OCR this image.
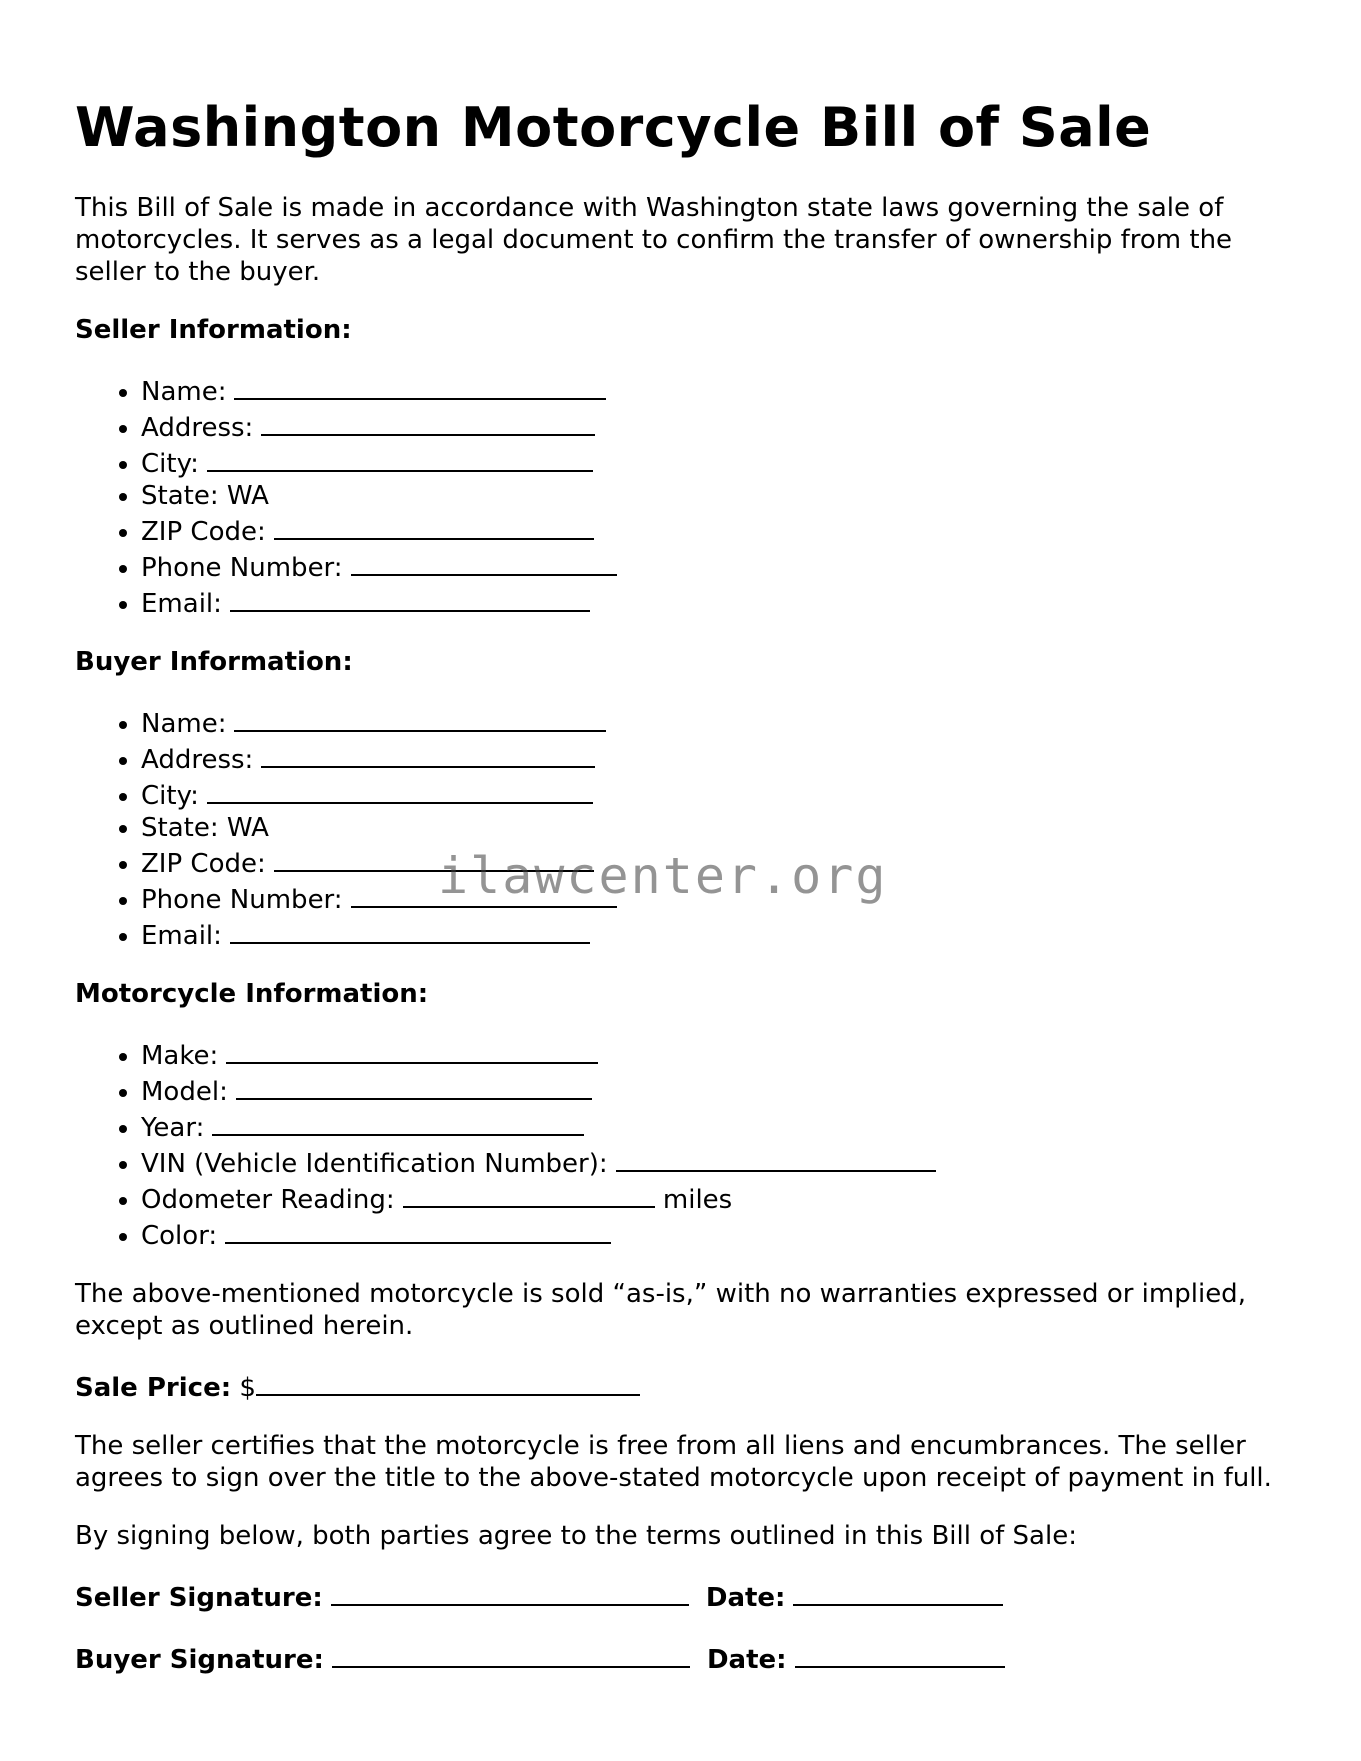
Washington Motorcycle Bill of Sale

This Bill of Sale is made in accordance with Washington state laws governing the sale of motorcycles. It serves as a legal document to confirm the transfer of ownership from the seller to the buyer.

Seller Information:
• Name:
• Address:
• City:
• State: WA
• ZIP Code:
• Phone Number:
• Email:
Buyer Information:
• Name:
• Address:
• City:
• State: WA
• ZIP Code:
• Phone Number:
• Email:
Motorcycle Information:
• Make:
• Model:
• Year:
• VIN (Vehicle Identification Number):
• Odometer Reading:	miles
• Color:

The above-mentioned motorcycle is sold “as-is,” with no warranties expressed or implied, except as outlined herein.

Sale Price: $

The seller certifies that the motorcycle is free from all liens and encumbrances. The seller agrees to sign over the title to the above-stated motorcycle upon receipt of payment in full.

By signing below, both parties agree to the terms outlined in this Bill of Sale:

Seller Signature:	Date:
Buyer Signature:	Date:
ilawcenter.org
